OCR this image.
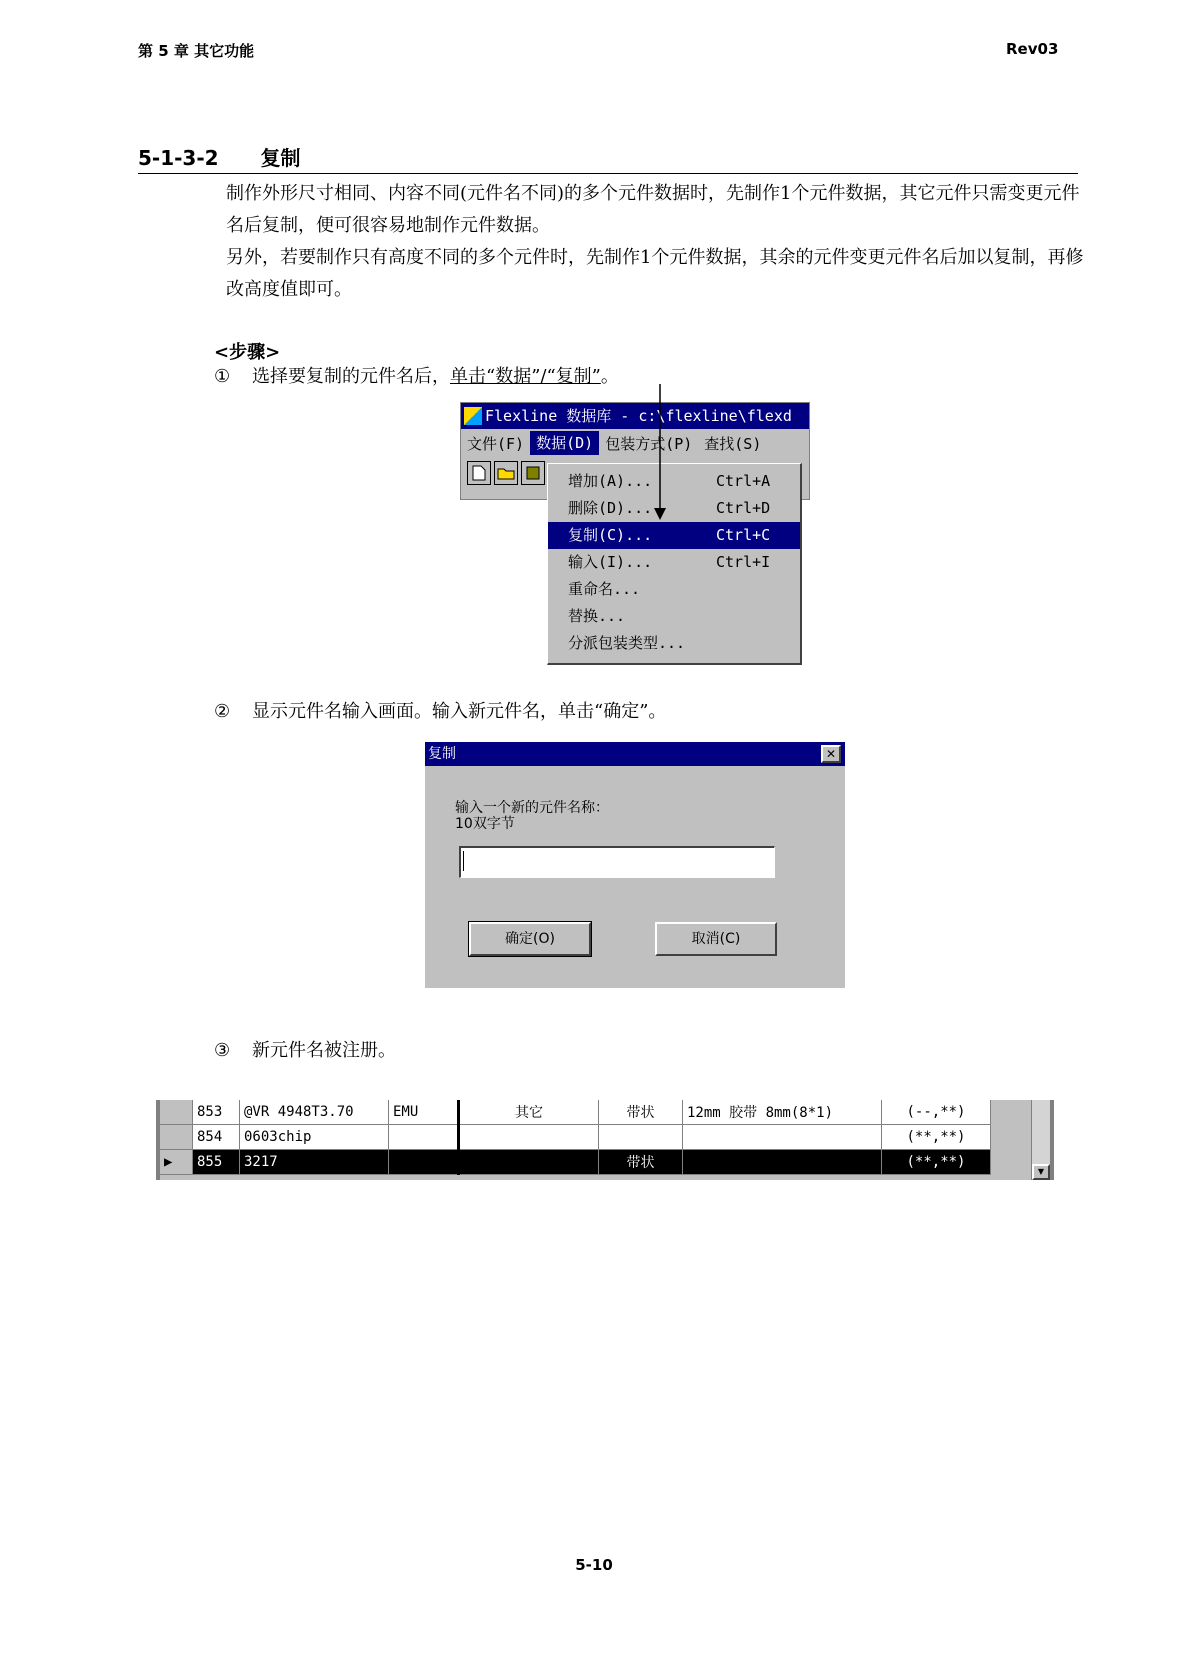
第 5 章 其它功能	Rev03
5-1-3-2 复制
制作外形尺寸相同、内容不同(元件名不同)的多个元件数据时，先制作1个元件数据，其它元件只需变更元件名后复制，便可很容易地制作元件数据。
另外，若要制作只有高度不同的多个元件时，先制作1个元件数据，其余的元件变更元件名后加以复制，再修改高度值即可。
<步骤>
① 选择要复制的元件名后，单击“数据”/“复制”。
Flexline 数据库 - c:\flexline\flexd
文件(F) 数据(D) 包装方式(P) 查找(S)
增加(A)...	Ctrl+A
删除(D)...	Ctrl+D
复制(C)...	Ctrl+C
输入(I)...	Ctrl+I
重命名...
替换...
分派包装类型...
② 显示元件名输入画面。输入新元件名，单击“确定”。
复制	✕
输入一个新的元件名称：
10双字节
确定(O)	取消(C)
③ 新元件名被注册。
	853	@VR 4948T3.70	EMU	其它	带状	12mm 胶带 8mm(8*1)	(--,**)
	854	0603chip					(**,**)
▶	855	3217			带状		(**,**)
▼
5-10
